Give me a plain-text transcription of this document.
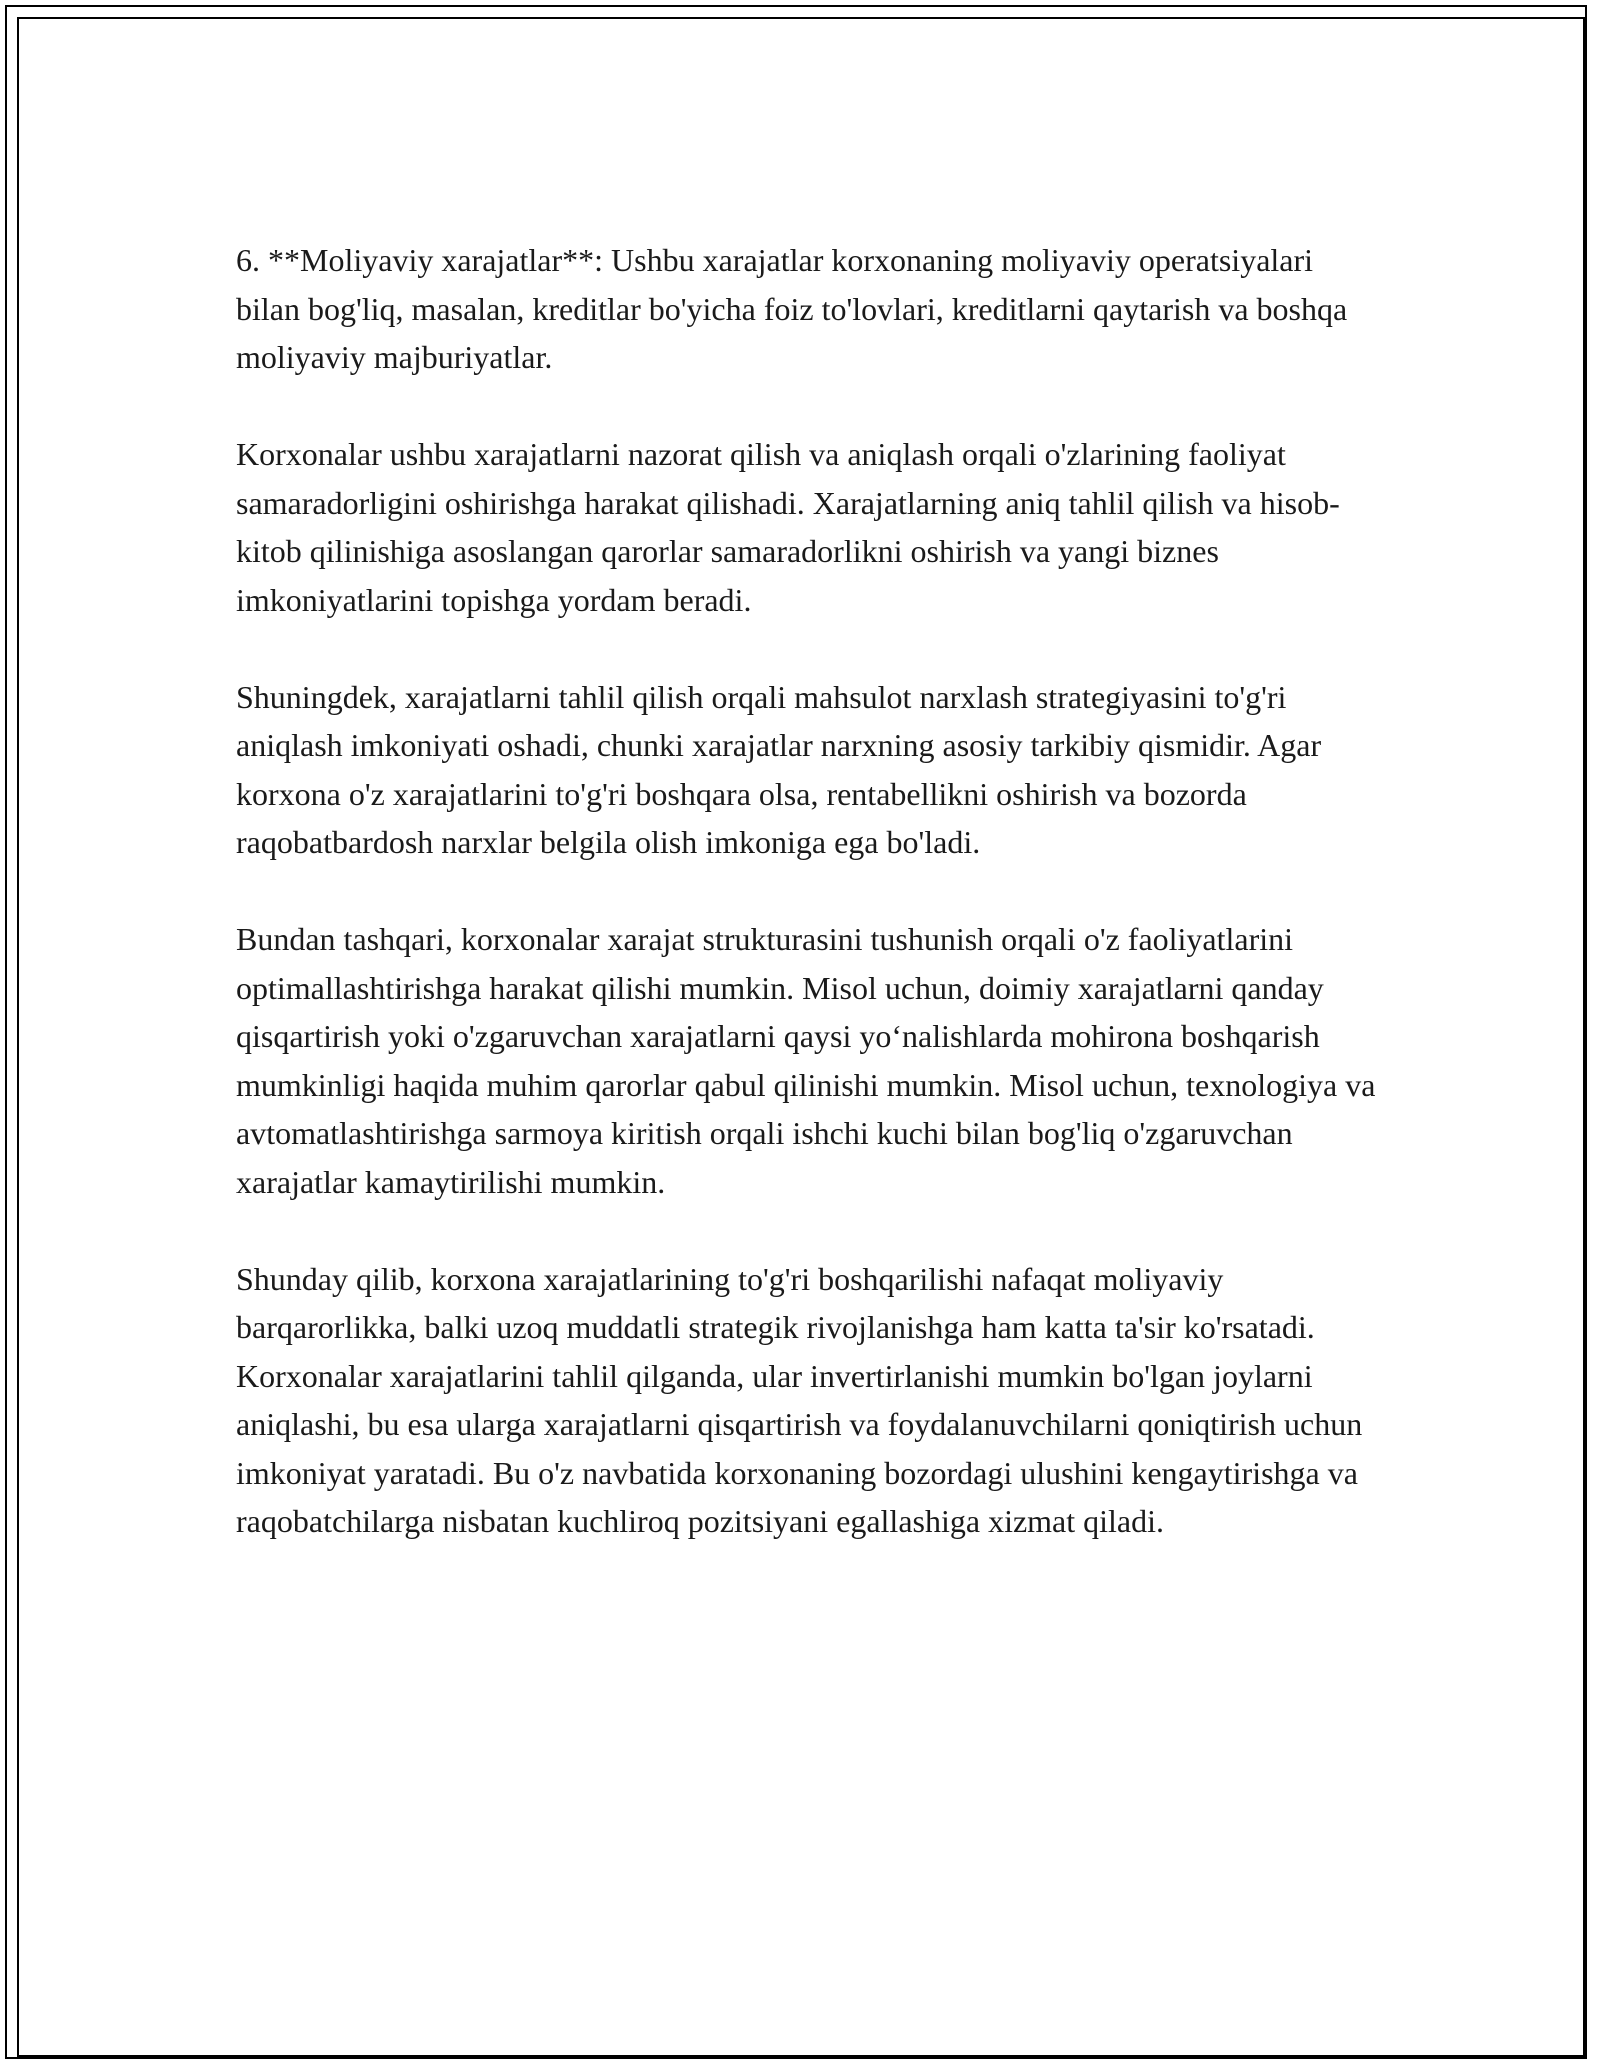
6. **Moliyaviy xarajatlar**: Ushbu xarajatlar korxonaning moliyaviy operatsiyalari bilan bog'liq, masalan, kreditlar bo'yicha foiz to'lovlari, kreditlarni qaytarish va boshqa moliyaviy majburiyatlar.

Korxonalar ushbu xarajatlarni nazorat qilish va aniqlash orqali o'zlarining faoliyat samaradorligini oshirishga harakat qilishadi. Xarajatlarning aniq tahlil qilish va hisob-kitob qilinishiga asoslangan qarorlar samaradorlikni oshirish va yangi biznes imkoniyatlarini topishga yordam beradi.

Shuningdek, xarajatlarni tahlil qilish orqali mahsulot narxlash strategiyasini to'g'ri aniqlash imkoniyati oshadi, chunki xarajatlar narxning asosiy tarkibiy qismidir. Agar korxona o'z xarajatlarini to'g'ri boshqara olsa, rentabellikni oshirish va bozorda raqobatbardosh narxlar belgila olish imkoniga ega bo'ladi.

Bundan tashqari, korxonalar xarajat strukturasini tushunish orqali o'z faoliyatlarini optimallashtirishga harakat qilishi mumkin. Misol uchun, doimiy xarajatlarni qanday qisqartirish yoki o'zgaruvchan xarajatlarni qaysi yo‘nalishlarda mohirona boshqarish mumkinligi haqida muhim qarorlar qabul qilinishi mumkin. Misol uchun, texnologiya va avtomatlashtirishga sarmoya kiritish orqali ishchi kuchi bilan bog'liq o'zgaruvchan xarajatlar kamaytirilishi mumkin.

Shunday qilib, korxona xarajatlarining to'g'ri boshqarilishi nafaqat moliyaviy barqarorlikka, balki uzoq muddatli strategik rivojlanishga ham katta ta'sir ko'rsatadi. Korxonalar xarajatlarini tahlil qilganda, ular invertirlanishi mumkin bo'lgan joylarni aniqlashi, bu esa ularga xarajatlarni qisqartirish va foydalanuvchilarni qoniqtirish uchun imkoniyat yaratadi. Bu o'z navbatida korxonaning bozordagi ulushini kengaytirishga va raqobatchilarga nisbatan kuchliroq pozitsiyani egallashiga xizmat qiladi.
